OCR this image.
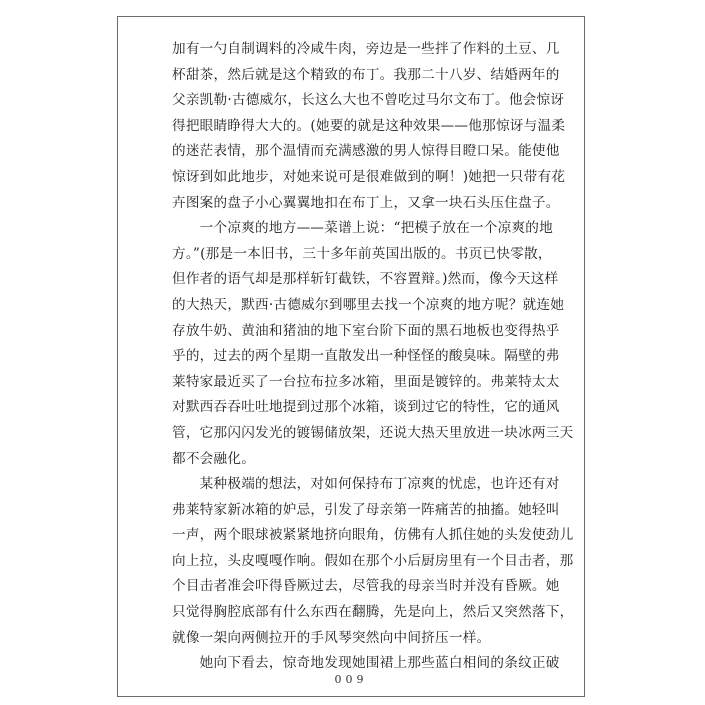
加有一勺自制调料的冷咸牛肉，旁边是一些拌了作料的土豆、几
杯甜茶，然后就是这个精致的布丁。我那二十八岁、结婚两年的
父亲凯勒·古德威尔，长这么大也不曾吃过马尔文布丁。他会惊讶
得把眼睛睁得大大的。(她要的就是这种效果——他那惊讶与温柔
的迷茫表情，那个温情而充满感激的男人惊得目瞪口呆。能使他
惊讶到如此地步，对她来说可是很难做到的啊！)她把一只带有花
卉图案的盘子小心翼翼地扣在布丁上，又拿一块石头压住盘子。
　　一个凉爽的地方——菜谱上说：“把模子放在一个凉爽的地
方。”(那是一本旧书，三十多年前英国出版的。书页已快零散，
但作者的语气却是那样斩钉截铁，不容置辩。)然而，像今天这样
的大热天，默西·古德威尔到哪里去找一个凉爽的地方呢？就连她
存放牛奶、黄油和猪油的地下室台阶下面的黑石地板也变得热乎
乎的，过去的两个星期一直散发出一种怪怪的酸臭味。隔壁的弗
莱特家最近买了一台拉布拉多冰箱，里面是镀锌的。弗莱特太太
对默西吞吞吐吐地提到过那个冰箱，谈到过它的特性，它的通风
管，它那闪闪发光的镀锡储放架，还说大热天里放进一块冰两三天
都不会融化。
　　某种极端的想法，对如何保持布丁凉爽的忧虑，也许还有对
弗莱特家新冰箱的妒忌，引发了母亲第一阵痛苦的抽搐。她轻叫
一声，两个眼球被紧紧地挤向眼角，仿佛有人抓住她的头发使劲儿
向上拉，头皮嘎嘎作响。假如在那个小后厨房里有一个目击者，那
个目击者准会吓得昏厥过去，尽管我的母亲当时并没有昏厥。她
只觉得胸腔底部有什么东西在翻腾，先是向上，然后又突然落下，
就像一架向两侧拉开的手风琴突然向中间挤压一样。
　　她向下看去，惊奇地发现她围裙上那些蓝白相间的条纹正破
009
